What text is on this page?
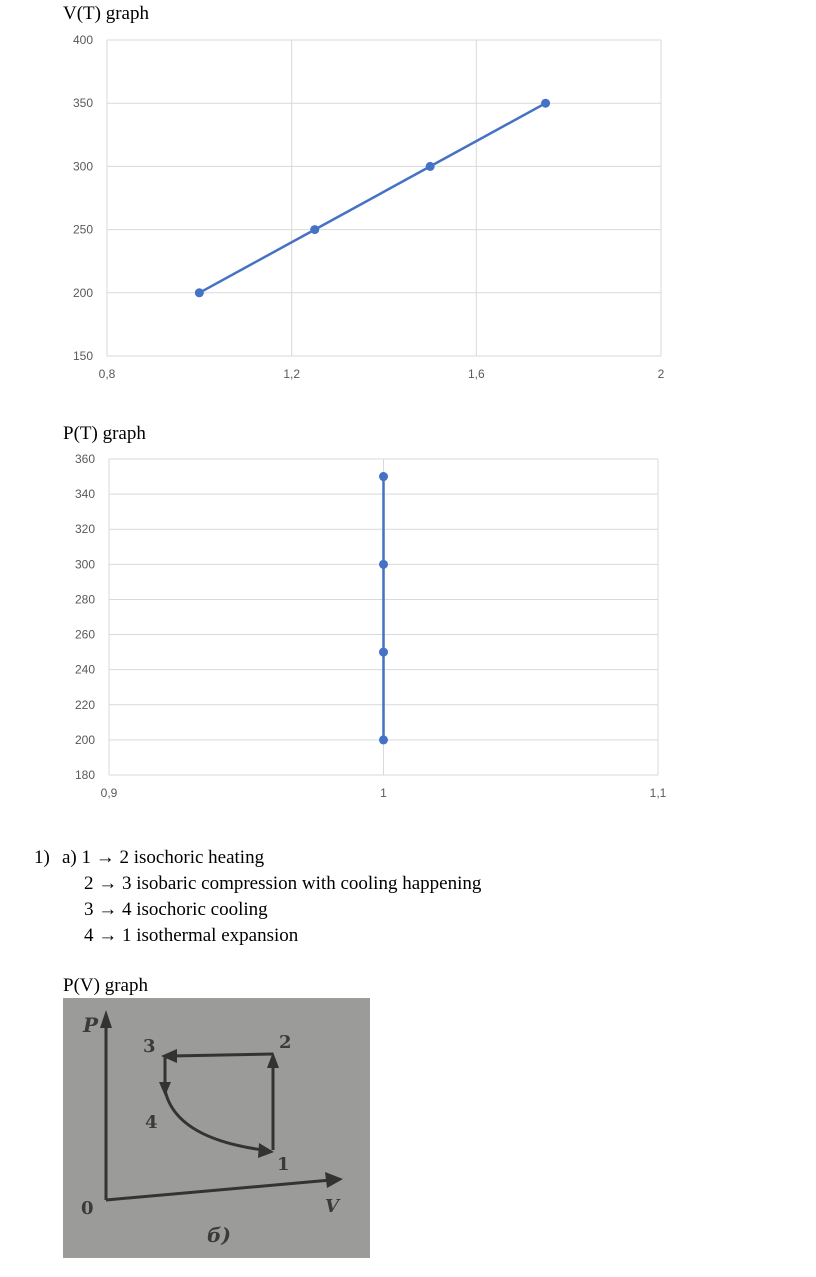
V(T) graph
150
200
250
300
350
400
0,8	1,2	1,6	2
P(T) graph
180
200
220
240
260
280
300
320
340
360
0,9	1	1,1
1) a) 1 → 2 isochoric heating
2 → 3 isobaric compression with cooling happening
3 → 4 isochoric cooling
4 → 1 isothermal expansion
P(V) graph
P
V
0
1
2
3
4
б)
